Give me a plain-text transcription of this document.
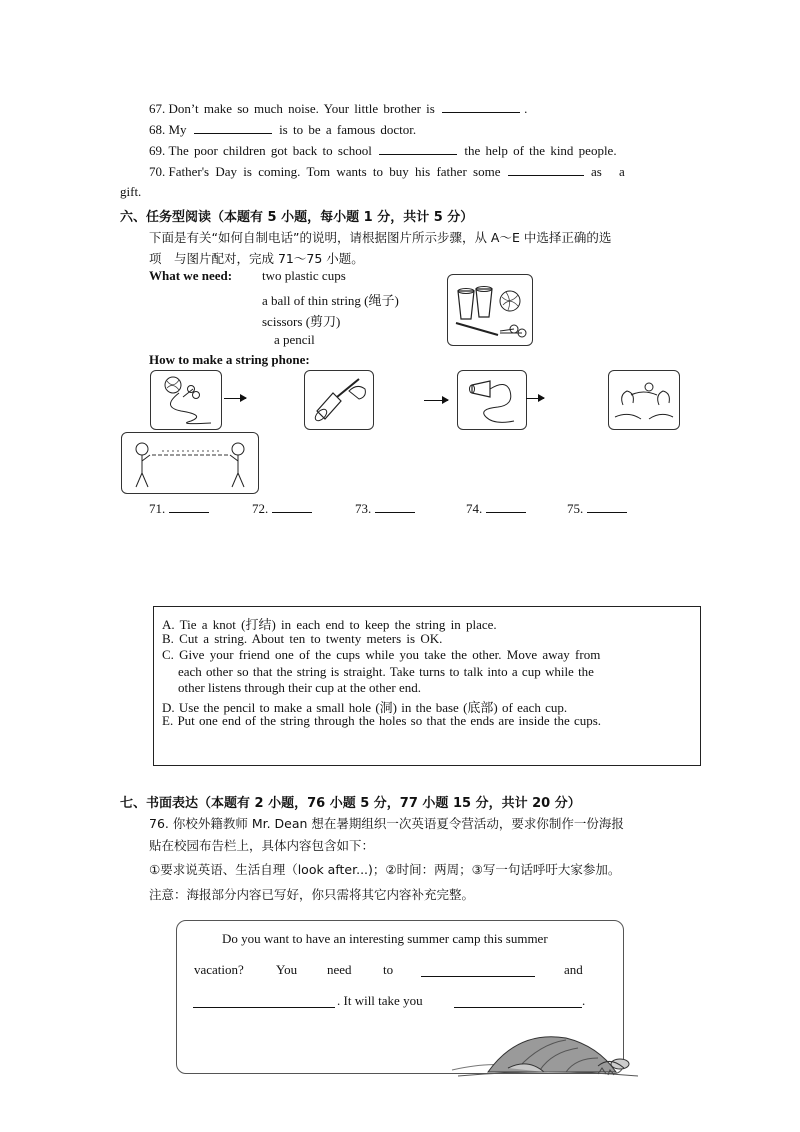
67. Don’t make so much noise. Your little brother is	.
68. My	is to be a famous doctor.
69. The poor children got back to school	the help of the kind people.
70. Father's Day is coming. Tom wants to buy his father some	as a
gift.
六、任务型阅读（本题有 5 小题，每小题 1 分，共计 5 分）
下面是有关“如何自制电话”的说明，请根据图片所示步骤，从 A～E 中选择正确的选
项　与图片配对，完成 71～75 小题。
What we need: two plastic cups
a ball of thin string (绳子)
scissors (剪刀)
a pencil
How to make a string phone:
71.	72.	73.	74.	75.
A. Tie a knot (打结) in each end to keep the string in place.
B. Cut a string. About ten to twenty meters is OK.
C. Give your friend one of the cups while you take the other. Move away from
each other so that the string is straight. Take turns to talk into a cup while the
other listens through their cup at the other end.
D. Use the pencil to make a small hole (洞) in the base (底部) of each cup.
E. Put one end of the string through the holes so that the ends are inside the cups.
七、书面表达（本题有 2 小题，76 小题 5 分，77 小题 15 分，共计 20 分）
76. 你校外籍教师 Mr. Dean 想在暑期组织一次英语夏令营活动，要求你制作一份海报
贴在校园布告栏上，具体内容包含如下：
①要求说英语、生活自理（look after...)；②时间：两周；③写一句话呼吁大家参加。
注意：海报部分内容已写好，你只需将其它内容补充完整。
Do you want to have an interesting summer camp this summer
vacation? You need to	and
. It will take you	.
